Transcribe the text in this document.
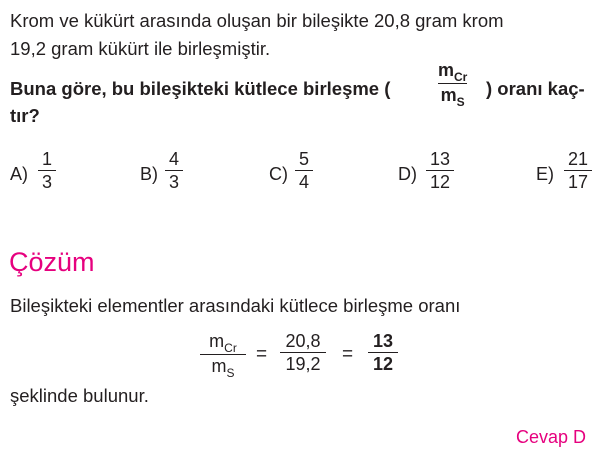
Krom ve kükürt arasında oluşan bir bileşikte 20,8 gram krom
19,2 gram kükürt ile birleşmiştir.
Buna göre, bu bileşikteki kütlece birleşme (
$m_{Cr}$
$m_S$
) oranı kaç-
tır?
A)
1
3	B)
4
3	C)
5
4	D)
13
12	E)
21
17
Çözüm
Bileşikteki elementler arasındaki kütlece birleşme oranı
$m_{Cr}$
$m_S$
=
20,8
19,2 =
13
12
şeklinde bulunur.
Cevap D
